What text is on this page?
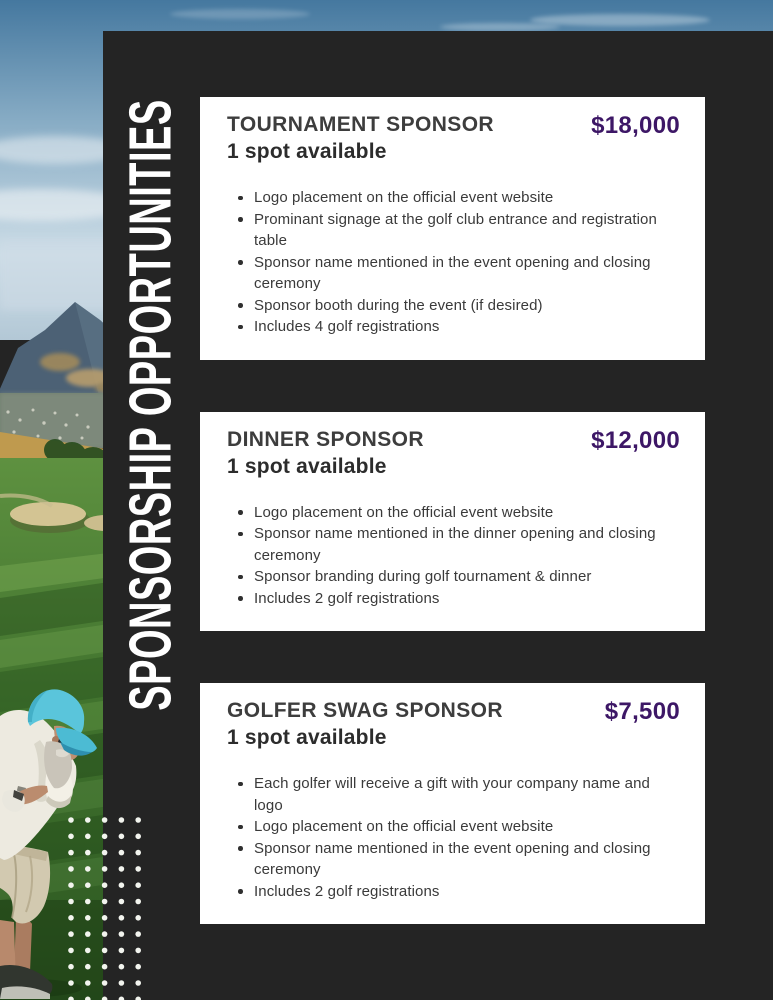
SPONSORSHIP OPPORTUNITIES TOURNAMENT SPONSOR
1 spot available
$18,000
Logo placement on the official event website
Prominant signage at the golf club entrance and registration table
Sponsor name mentioned in the event opening and closing ceremony
Sponsor booth during the event (if desired)
Includes 4 golf registrations
DINNER SPONSOR
1 spot available
$12,000
Logo placement on the official event website
Sponsor name mentioned in the dinner opening and closing ceremony
Sponsor branding during golf tournament & dinner
Includes 2 golf registrations
GOLFER SWAG SPONSOR
1 spot available
$7,500
Each golfer will receive a gift with your company name and logo
Logo placement on the official event website
Sponsor name mentioned in the event opening and closing ceremony
Includes 2 golf registrations
